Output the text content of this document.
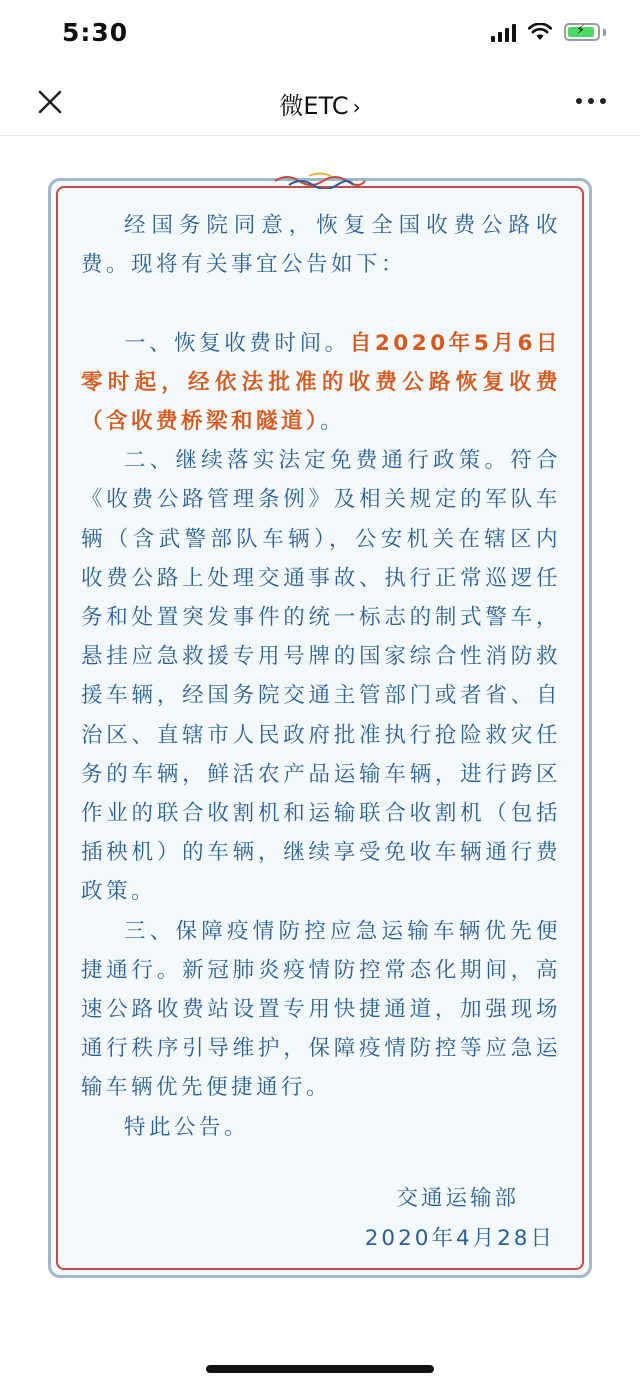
5:30	⚡
微ETC ›

经国务院同意，恢复全国收费公路收费。现将有关事宜公告如下：

一、恢复收费时间。自2020年5月6日零时起，经依法批准的收费公路恢复收费（含收费桥梁和隧道）。

二、继续落实法定免费通行政策。符合《收费公路管理条例》及相关规定的军队车辆（含武警部队车辆），公安机关在辖区内收费公路上处理交通事故、执行正常巡逻任务和处置突发事件的统一标志的制式警车，悬挂应急救援专用号牌的国家综合性消防救援车辆，经国务院交通主管部门或者省、自治区、直辖市人民政府批准执行抢险救灾任务的车辆，鲜活农产品运输车辆，进行跨区作业的联合收割机和运输联合收割机（包括插秧机）的车辆，继续享受免收车辆通行费政策。

三、保障疫情防控应急运输车辆优先便捷通行。新冠肺炎疫情防控常态化期间，高速公路收费站设置专用快捷通道，加强现场通行秩序引导维护，保障疫情防控等应急运输车辆优先便捷通行。

特此公告。

交通运输部
2020年4月28日
